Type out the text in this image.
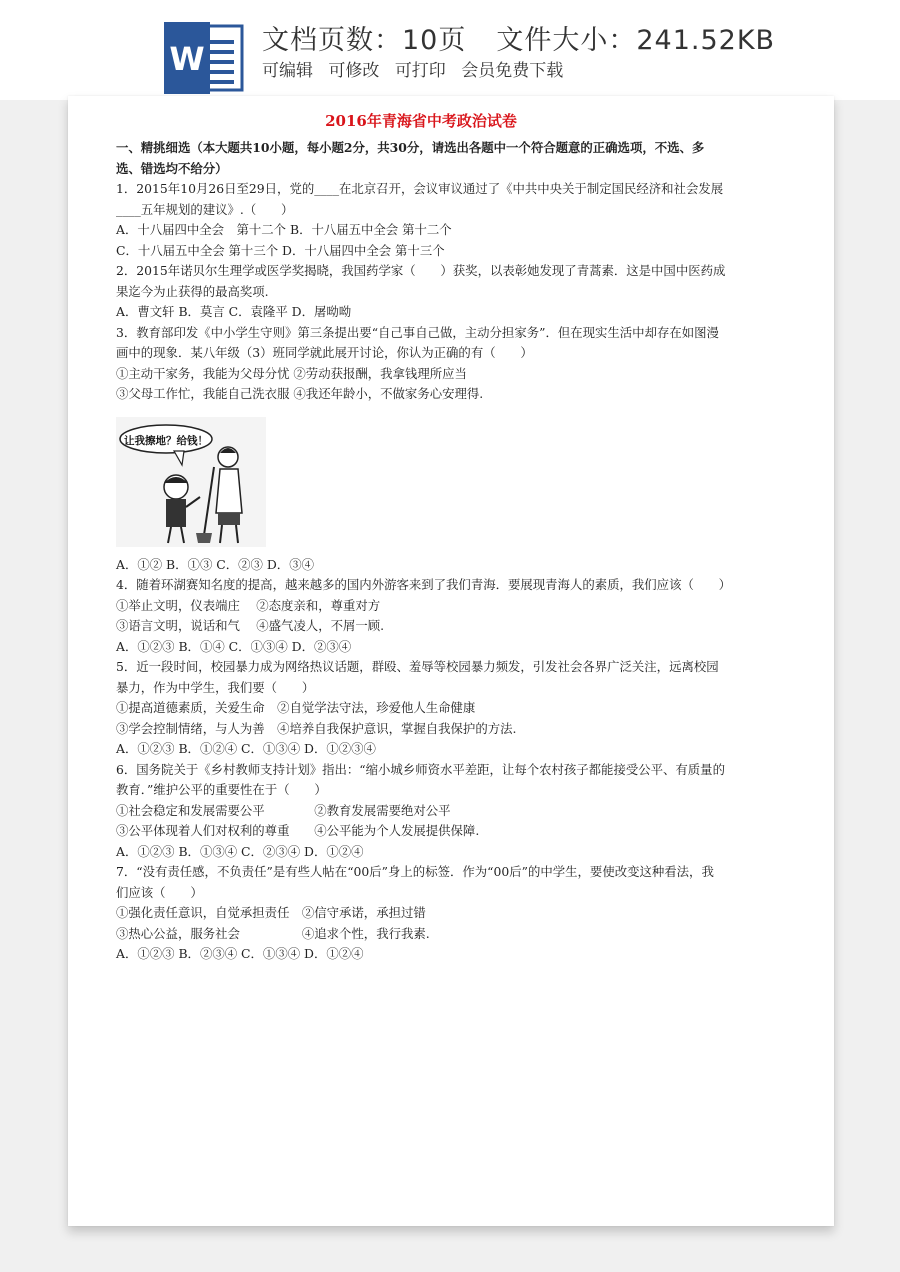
W 文档页数：10页 文件大小：241.52KB
可编辑 可修改 可打印 会员免费下载

2016年青海省中考政治试卷

一、精挑细选（本大题共10小题，每小题2分，共30分，请选出各题中一个符合题意的正确选项，不选、多选、错选均不给分）

1．2015年10月26日至29日，党的____在北京召开，会议审议通过了《中共中央关于制定国民经济和社会发展____五年规划的建议》.（　　）

A．十八届四中全会　第十二个 B．十八届五中全会 第十二个

C．十八届五中全会 第十三个 D．十八届四中全会 第十三个

2．2015年诺贝尔生理学或医学奖揭晓，我国药学家（　　）获奖，以表彰她发现了青蒿素．这是中国中医药成果迄今为止获得的最高奖项.

A．曹文轩 B．莫言 C．袁隆平 D．屠呦呦

3．教育部印发《中小学生守则》第三条提出要“自己事自己做，主动分担家务”．但在现实生活中却存在如图漫画中的现象．某八年级（3）班同学就此展开讨论，你认为正确的有（　　）

①主动干家务，我能为父母分忧 ②劳动获报酬，我拿钱理所应当

③父母工作忙，我能自己洗衣服 ④我还年龄小，不做家务心安理得.

让我擦地？给钱！

A．①② B．①③ C．②③ D．③④

4．随着环湖赛知名度的提高，越来越多的国内外游客来到了我们青海．要展现青海人的素质，我们应该（　　）

①举止文明，仪表端庄　 ②态度亲和，尊重对方

③语言文明，说话和气　 ④盛气凌人，不屑一顾.

A．①②③ B．①④ C．①③④ D．②③④

5．近一段时间，校园暴力成为网络热议话题，群殴、羞辱等校园暴力频发，引发社会各界广泛关注，远离校园暴力，作为中学生，我们要（　　）

①提高道德素质，关爱生命　②自觉学法守法，珍爱他人生命健康

③学会控制情绪，与人为善　④培养自我保护意识，掌握自我保护的方法.

A．①②③ B．①②④ C．①③④ D．①②③④

6．国务院关于《乡村教师支持计划》指出：“缩小城乡师资水平差距，让每个农村孩子都能接受公平、有质量的教育．”维护公平的重要性在于（　　）

①社会稳定和发展需要公平　　　　②教育发展需要绝对公平

③公平体现着人们对权利的尊重　　④公平能为个人发展提供保障.

A．①②③ B．①③④ C．②③④ D．①②④

7．“没有责任感，不负责任”是有些人帖在“00后”身上的标签．作为“00后”的中学生，要使改变这种看法，我们应该（　　）

①强化责任意识，自觉承担责任　②信守承诺，承担过错

③热心公益，服务社会　　　　　④追求个性，我行我素.

A．①②③ B．②③④ C．①③④ D．①②④
